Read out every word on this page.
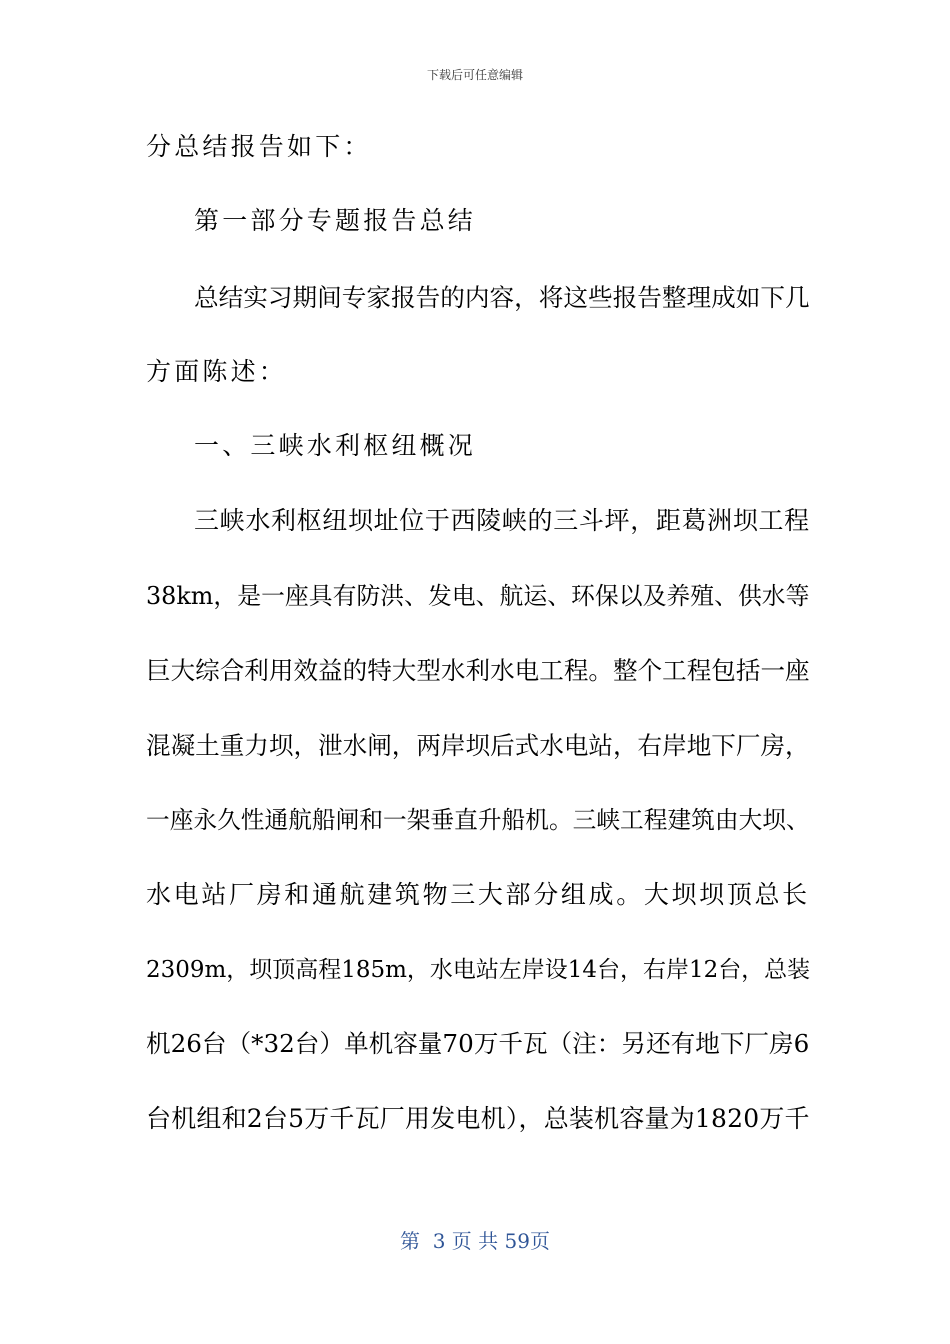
下载后可任意编辑
分总结报告如下：
第一部分专题报告总结
总结实习期间专家报告的内容，将这些报告整理成如下几
方面陈述：
一、三峡水利枢纽概况
三峡水利枢纽坝址位于西陵峡的三斗坪，距葛洲坝工程
38km，是一座具有防洪、发电、航运、环保以及养殖、供水等
巨大综合利用效益的特大型水利水电工程。整个工程包括一座
混凝土重力坝，泄水闸，两岸坝后式水电站，右岸地下厂房，
一座永久性通航船闸和一架垂直升船机。三峡工程建筑由大坝、
水电站厂房和通航建筑物三大部分组成。大坝坝顶总长
2309m，坝顶高程185m，水电站左岸设14台，右岸12台，总装
机26台（*32台）单机容量70万千瓦（注：另还有地下厂房6
台机组和2台5万千瓦厂用发电机），总装机容量为1820万千
第  3 页 共 59页
